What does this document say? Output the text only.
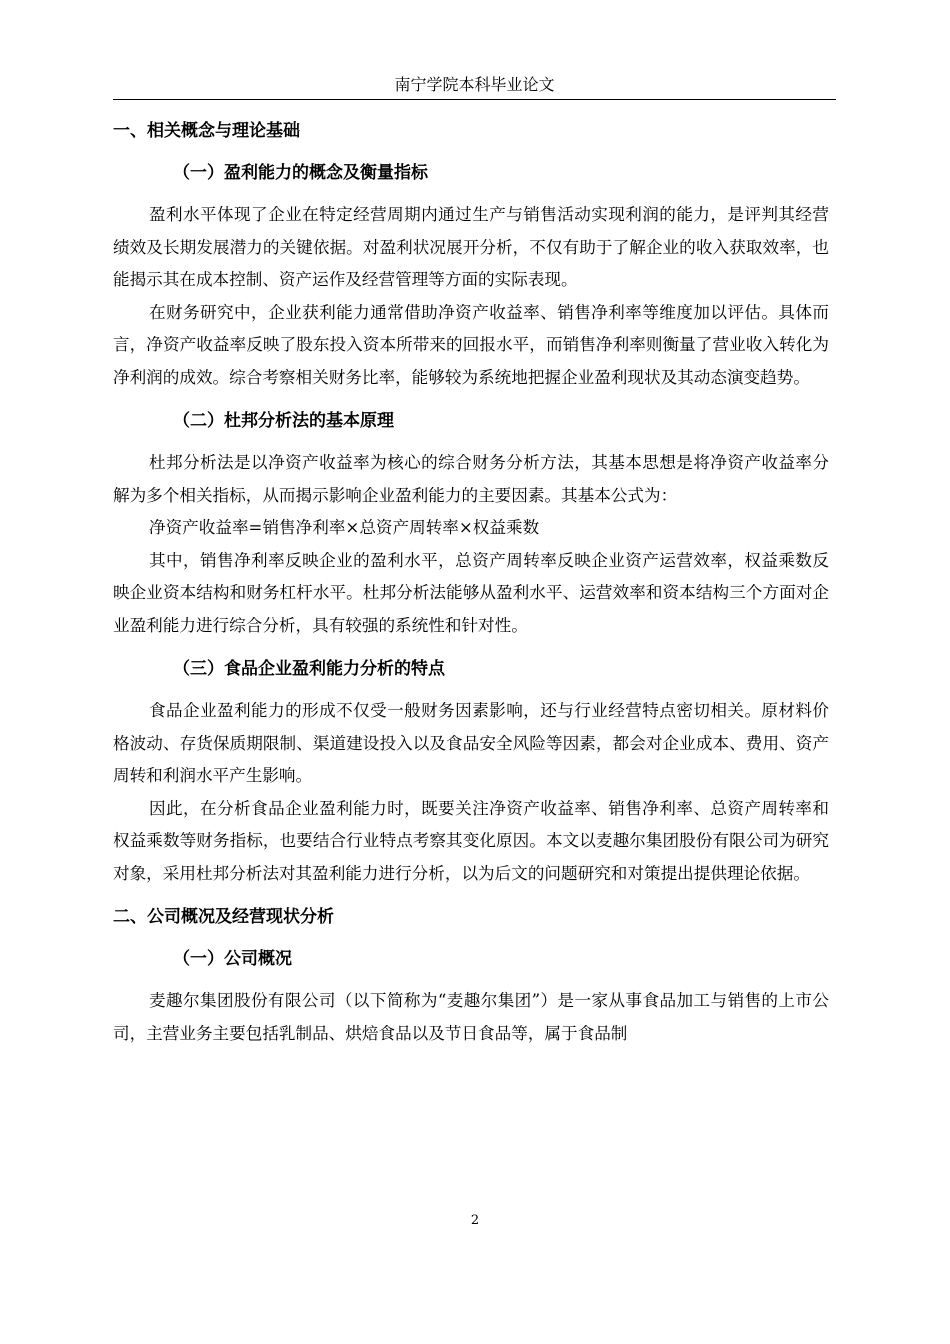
南宁学院本科毕业论文
一、相关概念与理论基础
（一）盈利能力的概念及衡量指标

盈利水平体现了企业在特定经营周期内通过生产与销售活动实现利润的能力，是评判其经营绩效及长期发展潜力的关键依据。对盈利状况展开分析，不仅有助于了解企业的收入获取效率，也能揭示其在成本控制、资产运作及经营管理等方面的实际表现。

在财务研究中，企业获利能力通常借助净资产收益率、销售净利率等维度加以评估。具体而言，净资产收益率反映了股东投入资本所带来的回报水平，而销售净利率则衡量了营业收入转化为净利润的成效。综合考察相关财务比率，能够较为系统地把握企业盈利现状及其动态演变趋势。

（二）杜邦分析法的基本原理

杜邦分析法是以净资产收益率为核心的综合财务分析方法，其基本思想是将净资产收益率分解为多个相关指标，从而揭示影响企业盈利能力的主要因素。其基本公式为：

净资产收益率=销售净利率×总资产周转率×权益乘数

其中，销售净利率反映企业的盈利水平，总资产周转率反映企业资产运营效率，权益乘数反映企业资本结构和财务杠杆水平。杜邦分析法能够从盈利水平、运营效率和资本结构三个方面对企业盈利能力进行综合分析，具有较强的系统性和针对性。

（三）食品企业盈利能力分析的特点

食品企业盈利能力的形成不仅受一般财务因素影响，还与行业经营特点密切相关。原材料价格波动、存货保质期限制、渠道建设投入以及食品安全风险等因素，都会对企业成本、费用、资产周转和利润水平产生影响。

因此，在分析食品企业盈利能力时，既要关注净资产收益率、销售净利率、总资产周转率和权益乘数等财务指标，也要结合行业特点考察其变化原因。本文以麦趣尔集团股份有限公司为研究对象，采用杜邦分析法对其盈利能力进行分析，以为后文的问题研究和对策提出提供理论依据。

二、公司概况及经营现状分析
（一）公司概况

麦趣尔集团股份有限公司（以下简称为“麦趣尔集团”）是一家从事食品加工与销售的上市公司，主营业务主要包括乳制品、烘焙食品以及节日食品等，属于食品制

2
